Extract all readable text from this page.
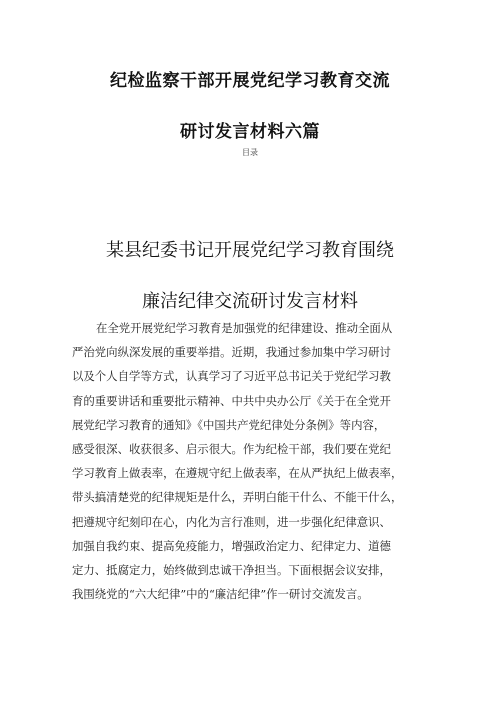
纪检监察干部开展党纪学习教育交流
研讨发言材料六篇
目录
某县纪委书记开展党纪学习教育围绕
廉洁纪律交流研讨发言材料

在全党开展党纪学习教育是加强党的纪律建设、推动全面从
严治党向纵深发展的重要举措。近期，我通过参加集中学习研讨
以及个人自学等方式，认真学习了习近平总书记关于党纪学习教
育的重要讲话和重要批示精神、中共中央办公厅《关于在全党开
展党纪学习教育的通知》《中国共产党纪律处分条例》等内容，
感受很深、收获很多、启示很大。作为纪检干部，我们要在党纪
学习教育上做表率，在遵规守纪上做表率，在从严执纪上做表率，
带头搞清楚党的纪律规矩是什么，弄明白能干什么、不能干什么，
把遵规守纪刻印在心，内化为言行准则，进一步强化纪律意识、
加强自我约束、提高免疫能力，增强政治定力、纪律定力、道德
定力、抵腐定力，始终做到忠诚干净担当。下面根据会议安排，
我围绕党的“六大纪律”中的“廉洁纪律”作一研讨交流发言。
